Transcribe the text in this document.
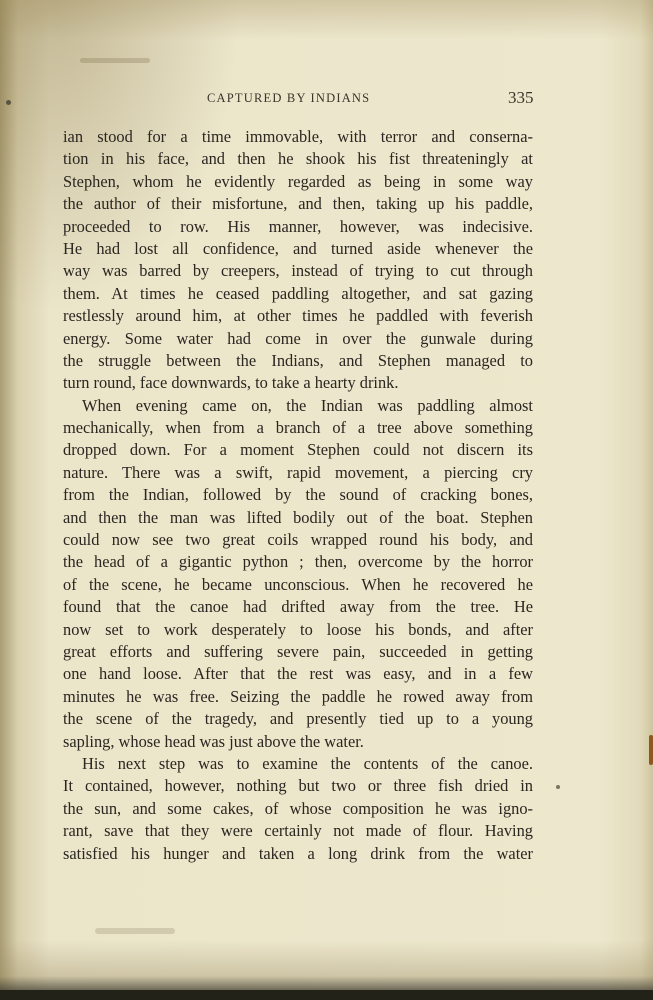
CAPTURED BY INDIANS	335
ian stood for a time immovable, with terror and conserna-
tion in his face, and then he shook his fist threateningly at
Stephen, whom he evidently regarded as being in some way
the author of their misfortune, and then, taking up his paddle,
proceeded to row. His manner, however, was indecisive.
He had lost all confidence, and turned aside whenever the
way was barred by creepers, instead of trying to cut through
them. At times he ceased paddling altogether, and sat gazing
restlessly around him, at other times he paddled with feverish
energy. Some water had come in over the gunwale during
the struggle between the Indians, and Stephen managed to
turn round, face downwards, to take a hearty drink.
When evening came on, the Indian was paddling almost
mechanically, when from a branch of a tree above something
dropped down. For a moment Stephen could not discern its
nature. There was a swift, rapid movement, a piercing cry
from the Indian, followed by the sound of cracking bones,
and then the man was lifted bodily out of the boat. Stephen
could now see two great coils wrapped round his body, and
the head of a gigantic python ; then, overcome by the horror
of the scene, he became unconscious. When he recovered he
found that the canoe had drifted away from the tree. He
now set to work desperately to loose his bonds, and after
great efforts and suffering severe pain, succeeded in getting
one hand loose. After that the rest was easy, and in a few
minutes he was free. Seizing the paddle he rowed away from
the scene of the tragedy, and presently tied up to a young
sapling, whose head was just above the water.
His next step was to examine the contents of the canoe.
It contained, however, nothing but two or three fish dried in
the sun, and some cakes, of whose composition he was igno-
rant, save that they were certainly not made of flour. Having
satisfied his hunger and taken a long drink from the water
